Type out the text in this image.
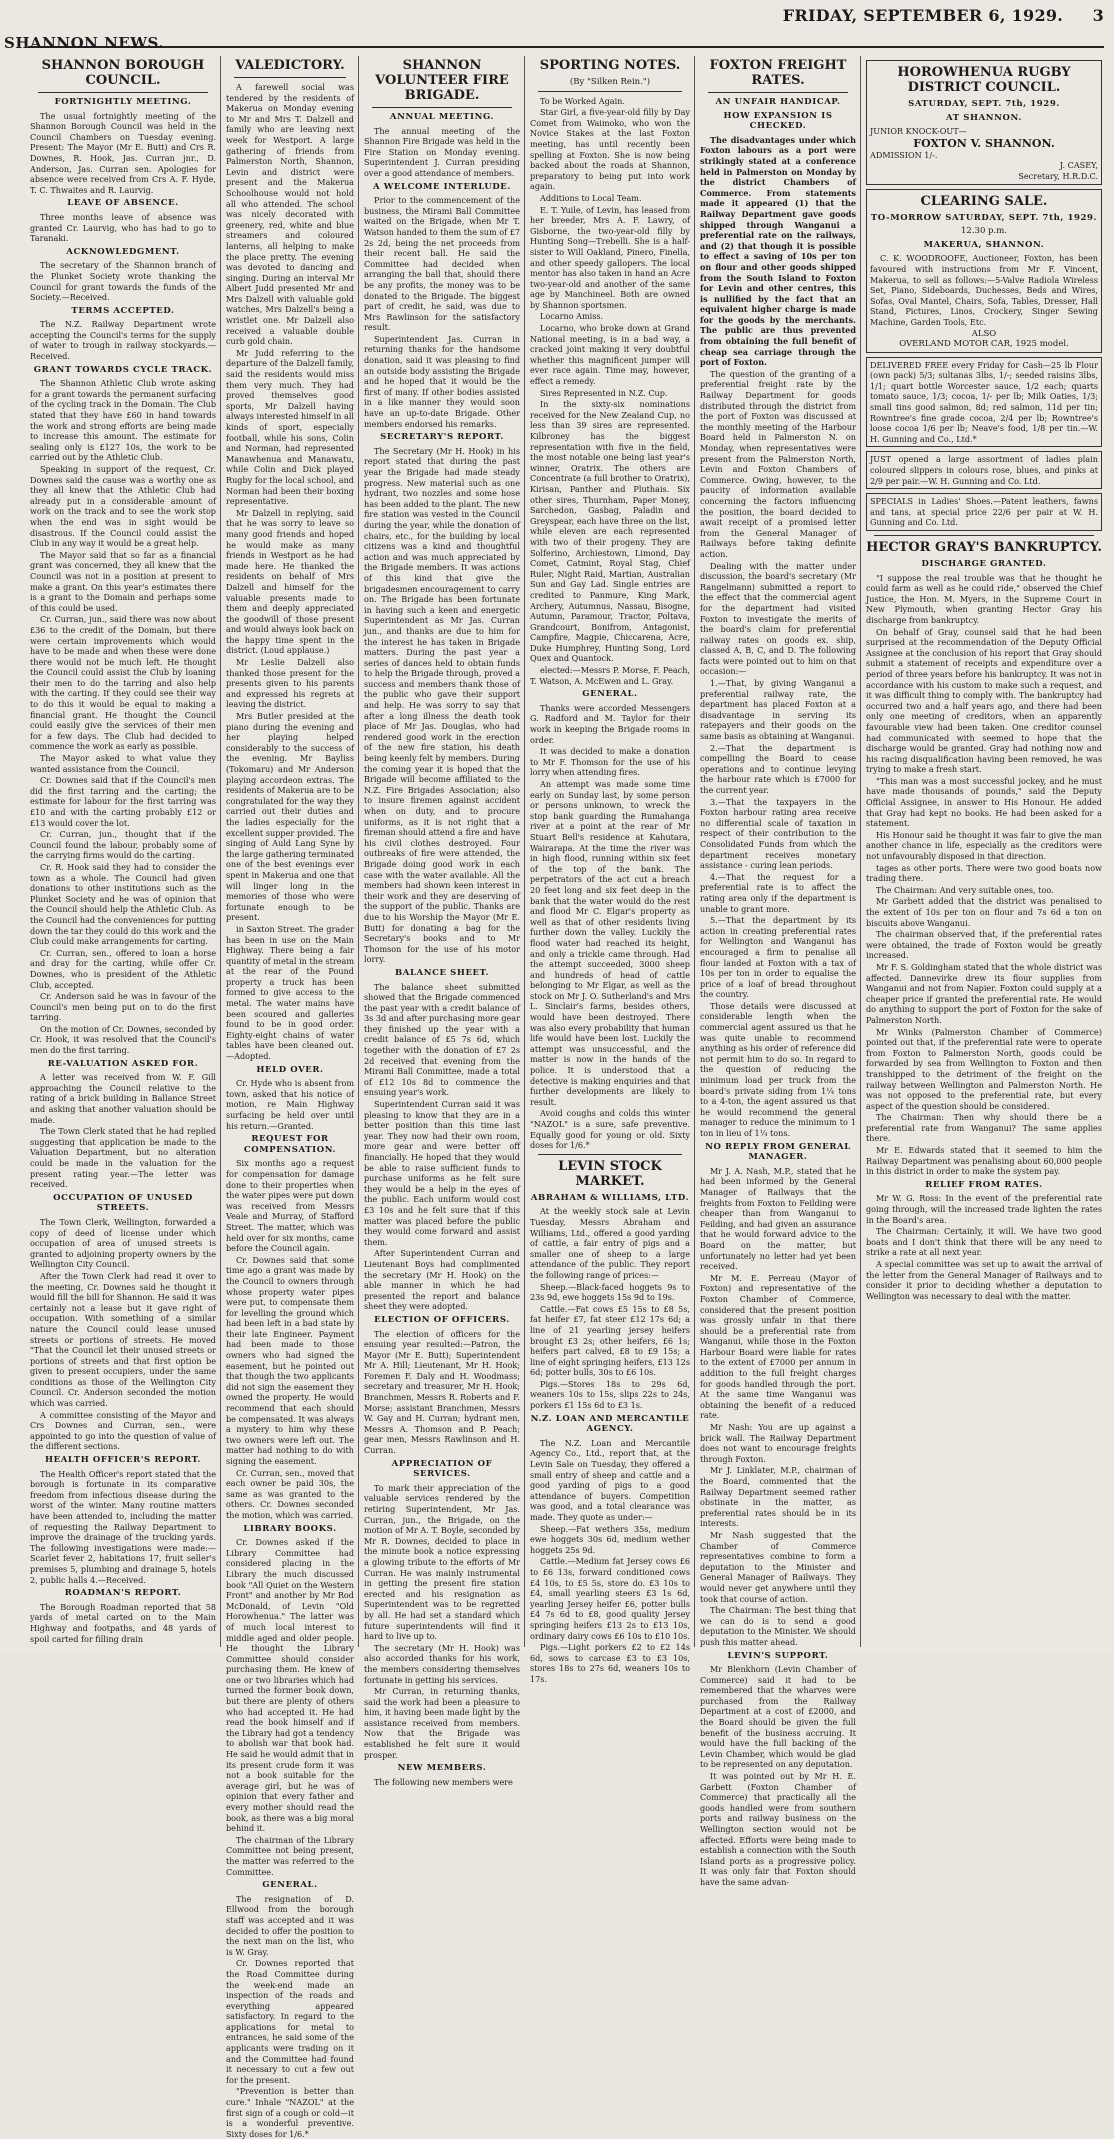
SHANNON NEWS.
FRIDAY, SEPTEMBER 6, 1929. 3
SHANNON BOROUGH COUNCIL.
FORTNIGHTLY MEETING.
The usual fortnightly meeting of the Shannon Borough Council was held in the Council Chambers on Tuesday evening. Present: The Mayor (Mr E. Butt) and Crs R. Downes, R. Hook, Jas. Curran jnr., D. Anderson, Jas. Curran sen. Apologies for absence were received from Crs A. F. Hyde, T. C. Thwaites and R. Laurvig.
LEAVE OF ABSENCE.
Three months leave of absence was granted Cr. Laurvig, who has had to go to Taranaki.
ACKNOWLEDGMENT.
The secretary of the Shannon branch of the Plunket Society wrote thanking the Council for grant towards the funds of the Society.—Received.
TERMS ACCEPTED.
The N.Z. Railway Department wrote accepting the Council's terms for the supply of water to trough in railway stockyards.—Received.
GRANT TOWARDS CYCLE TRACK.
The Shannon Athletic Club wrote asking for a grant towards the permanent surfacing of the cycling track in the Domain. The Club stated that they have £60 in hand towards the work and strong efforts are being made to increase this amount. The estimate for sealing only is £127 10s, the work to be carried out by the Athletic Club.
Speaking in support of the request, Cr. Downes said the cause was a worthy one as they all knew that the Athletic Club had already put in a considerable amount of work on the track and to see the work stop when the end was in sight would be disastrous. If the Council could assist the Club in any way it would be a great help.
The Mayor said that so far as a financial grant was concerned, they all knew that the Council was not in a position at present to make a grant. On this year's estimates there is a grant to the Domain and perhaps some of this could be used.
Cr. Curran, jun., said there was now about £36 to the credit of the Domain, but there were certain improvements which would have to be made and when these were done there would not be much left. He thought the Council could assist the Club by loaning their men to do the tarring and also help with the carting. If they could see their way to do this it would be equal to making a financial grant. He thought the Council could easily give the services of their men for a few days. The Club had decided to commence the work as early as possible.
The Mayor asked to what value they wanted assistance from the Council.
Cr. Downes said that if the Council's men did the first tarring and the carting; the estimate for labour for the first tarring was £10 and with the carting probably £12 or £13 would cover the lot.
Cr. Curran, jun., thought that if the Council found the labour, probably some of the carrying firms would do the carting.
Cr. R. Hook said they had to consider the town as a whole. The Council had given donations to other institutions such as the Plunket Society and he was of opinion that the Council should help the Athletic Club. As the Council had the conveniences for putting down the tar they could do this work and the Club could make arrangements for carting.
Cr. Curran, sen., offered to loan a horse and dray for the carting, while offer Cr. Downes, who is president of the Athletic Club, accepted.
Cr. Anderson said he was in favour of the Council's men being put on to do the first tarring.
On the motion of Cr. Downes, seconded by Cr. Hook, it was resolved that the Council's men do the first tarring.
RE-VALUATION ASKED FOR.
A letter was received from W. F. Gill approaching the Council relative to the rating of a brick building in Ballance Street and asking that another valuation should be made.
The Town Clerk stated that he had replied suggesting that application be made to the Valuation Department, but no alteration could be made in the valuation for the present rating year.—The letter was received.
OCCUPATION OF UNUSED STREETS.
The Town Clerk, Wellington, forwarded a copy of deed of license under which occupation of area of unused streets is granted to adjoining property owners by the Wellington City Council.
After the Town Clerk had read it over to the meeting, Cr. Downes said he thought it would fill the bill for Shannon. He said it was certainly not a lease but it gave right of occupation. With something of a similar nature the Council could lease unused streets or portions of streets. He moved "That the Council let their unused streets or portions of streets and that first option be given to present occupiers, under the same conditions as those of the Wellington City Council. Cr. Anderson seconded the motion which was carried.
A committee consisting of the Mayor and Crs Downes and Curran, sen., were appointed to go into the question of value of the different sections.
HEALTH OFFICER'S REPORT.
The Health Officer's report stated that the borough is fortunate in its comparative freedom from infectious disease during the worst of the winter. Many routine matters have been attended to, including the matter of requesting the Railway Department to improve the drainage of the trucking yards. The following investigations were made:—Scarlet fever 2, habitations 17, fruit seller's premises 5, plumbing and drainage 5, hotels 2, public halls 4.—Received.
ROADMAN'S REPORT.
The Borough Roadman reported that 58 yards of metal carted on to the Main Highway and footpaths, and 48 yards of spoil carted for filling drain
VALEDICTORY.
A farewell social was tendered by the residents of Makerua on Monday evening to Mr and Mrs T. Dalzell and family who are leaving next week for Westport. A large gathering of friends from Palmerston North, Shannon, Levin and district were present and the Makerua Schoolhouse would not hold all who attended. The school was nicely decorated with greenery, red, white and blue streamers and coloured lanterns, all helping to make the place pretty. The evening was devoted to dancing and singing. During an interval Mr Albert Judd presented Mr and Mrs Dalzell with valuable gold watches, Mrs Dalzell's being a wristlet one. Mr Dalzell also received a valuable double curb gold chain.
Mr Judd referring to the departure of the Dalzell family, said the residents would miss them very much. They had proved themselves good sports, Mr Dalzell having always interested himself in all kinds of sport, especially football, while his sons, Colin and Norman, had represented Manawhenua and Manawatu, while Colin and Dick played Rugby for the local school, and Norman had been their boxing representative.
Mr Dalzell in replying, said that he was sorry to leave so many good friends and hoped he would make as many friends in Westport as he had made here. He thanked the residents on behalf of Mrs Dalzell and himself for the valuable presents made to them and deeply appreciated the goodwill of those present and would always look back on the happy time spent in the district. (Loud applause.)
Mr Leslie Dalzell also thanked those present for the presents given to his parents and expressed his regrets at leaving the district.
Mrs Butler presided at the piano during the evening and her playing helped considerably to the success of the evening. Mr Bayliss (Tokomaru) and Mr Anderson playing accordeon extras. The residents of Makerua are to be congratulated for the way they carried out their duties and the ladies especially for the excellent supper provided. The singing of Auld Lang Syne by the large gathering terminated one of the best evenings ever spent in Makerua and one that will linger long in the memories of those who were fortunate enough to be present.
in Saxton Street. The grader has been in use on the Main Highway. There being a fair quantity of metal in the stream at the rear of the Pound property a truck has been formed to give access to the metal. The water mains have been scoured and galleries found to be in good order. Eighty-eight chains of water tables have been cleaned out.—Adopted.
HELD OVER.
Cr. Hyde who is absent from town, asked that his notice of motion, re Main Highway surfacing be held over until his return.—Granted.
REQUEST FOR COMPENSATION.
Six months ago a request for compensation for damage done to their properties when the water pipes were put down was received from Messrs Veale and Murray, of Stafford Street. The matter, which was held over for six months, came before the Council again.
Cr. Downes said that some time ago a grant was made by the Council to owners through whose property water pipes were put, to compensate them for levelling the ground which had been left in a bad state by their late Engineer. Payment had been made to those owners who had signed the easement, but he pointed out that though the two applicants did not sign the easement they owned the property. He would recommend that each should be compensated. It was always a mystery to him why these two owners were left out. The matter had nothing to do with signing the easement.
Cr. Curran, sen., moved that each owner be paid 30s, the same as was granted to the others. Cr. Downes seconded the motion, which was carried.
LIBRARY BOOKS.
Cr. Downes asked if the Library Committee had considered placing in the Library the much discussed book "All Quiet on the Western Front" and another by Mr Rod McDonald, of Levin "Old Horowhenua." The latter was of much local interest to middle aged and older people. He thought the Library Committee should consider purchasing them. He knew of one or two libraries which had turned the former book down, but there are plenty of others who had accepted it. He had read the book himself and if the Library had got a tendency to abolish war that book had. He said he would admit that in its present crude form it was not a book suitable for the average girl, but he was of opinion that every father and every mother should read the book, as there was a big moral behind it.
The chairman of the Library Committee not being present, the matter was referred to the Committee.
GENERAL.
The resignation of D. Ellwood from the borough staff was accepted and it was decided to offer the position to the next man on the list, who is W. Gray.
Cr. Downes reported that the Road Committee during the week-end made an inspection of the roads and everything appeared satisfactory. In regard to the applications for metal to entrances, he said some of the applicants were trading on it and the Committee had found it necessary to cut a few out for the present.
"Prevention is better than cure." Inhale "NAZOL" at the first sign of a cough or cold—it is a wonderful preventive. Sixty doses for 1/6.*
SHANNON VOLUNTEER FIRE BRIGADE.
ANNUAL MEETING.
The annual meeting of the Shannon Fire Brigade was held in the Fire Station on Monday evening. Superintendent J. Curran presiding over a good attendance of members.
A WELCOME INTERLUDE.
Prior to the commencement of the business, the Mirami Ball Committee waited on the Brigade, when Mr T. Watson handed to them the sum of £7 2s 2d, being the net proceeds from their recent ball. He said the Committee had decided when arranging the ball that, should there be any profits, the money was to be donated to the Brigade. The biggest part of credit, he said, was due to Mrs Rawlinson for the satisfactory result.
Superintendent Jas. Curran in returning thanks for the handsome donation, said it was pleasing to find an outside body assisting the Brigade and he hoped that it would be the first of many. If other bodies assisted in a like manner they would soon have an up-to-date Brigade. Other members endorsed his remarks.
SECRETARY'S REPORT.
The Secretary (Mr H. Hook) in his report stated that during the past year the Brigade had made steady progress. New material such as one hydrant, two nozzles and some hose has been added to the plant. The new fire station was vested in the Council during the year, while the donation of chairs, etc., for the building by local citizens was a kind and thoughtful action and was much appreciated by the Brigade members. It was actions of this kind that give the brigadesmen encouragement to carry on. The Brigade has been fortunate in having such a keen and energetic Superintendent as Mr Jas. Curran jun., and thanks are due to him for the interest he has taken in Brigade matters. During the past year a series of dances held to obtain funds to help the Brigade through, proved a success and members thank those of the public who gave their support and help. He was sorry to say that after a long illness the death took place of Mr Jas. Douglas, who had rendered good work in the erection of the new fire station, his death being keenly felt by members. During the coming year it is hoped that the Brigade will become affiliated to the N.Z. Fire Brigades Association; also to insure firemen against accident when on duty, and to procure uniforms, as it is not right that a fireman should attend a fire and have his civil clothes destroyed. Four outbreaks of fire were attended, the Brigade doing good work in each case with the water available. All the members had shown keen interest in their work and they are deserving of the support of the public. Thanks are due to his Worship the Mayor (Mr E. Butt) for donating a bag for the Secretary's books and to Mr Thomson for the use of his motor lorry.
BALANCE SHEET.
The balance sheet submitted showed that the Brigade commenced the past year with a credit balance of 3s 3d and after purchasing more gear they finished up the year with a credit balance of £5 7s 6d, which together with the donation of £7 2s 2d received that evening from the Mirami Ball Committee, made a total of £12 10s 8d to commence the ensuing year's work.
Superintendent Curran said it was pleasing to know that they are in a better position than this time last year. They now had their own room, more gear and were better off financially. He hoped that they would be able to raise sufficient funds to purchase uniforms as he felt sure they would be a help in the eyes of the public. Each uniform would cost £3 10s and he felt sure that if this matter was placed before the public they would come forward and assist them.
After Superintendent Curran and Lieutenant Boys had complimented the secretary (Mr H. Hook) on the able manner in which he had presented the report and balance sheet they were adopted.
ELECTION OF OFFICERS.
The election of officers for the ensuing year resulted:—Patron, the Mayor (Mr E. Butt); Superintendent Mr A. Hill; Lieutenant, Mr H. Hook; Foremen F. Daly and H. Woodmass; secretary and treasurer, Mr H. Hook; Branchmen, Messrs R. Roberts and F. Morse; assistant Branchmen, Messrs W. Gay and H. Curran; hydrant men, Messrs A. Thomson and P. Peach; gear men, Messrs Rawlinson and H. Curran.
APPRECIATION OF SERVICES.
To mark their appreciation of the valuable services rendered by the retiring Superintendent, Mr Jas. Curran, jun., the Brigade, on the motion of Mr A. T. Boyle, seconded by Mr R. Downes, decided to place in the minute book a notice expressing a glowing tribute to the efforts of Mr Curran. He was mainly instrumental in getting the present fire station erected and his resignation as Superintendent was to be regretted by all. He had set a standard which future superintendents will find it hard to live up to.
The secretary (Mr H. Hook) was also accorded thanks for his work, the members considering themselves fortunate in getting his services.
Mr Curran, in returning thanks, said the work had been a pleasure to him, it having been made light by the assistance received from members. Now that the Brigade was established he felt sure it would prosper.
NEW MEMBERS.
The following new members were
SPORTING NOTES.
(By "Silken Rein.")
To be Worked Again.
Star Girl, a five-year-old filly by Day Comet from Waimoko, who won the Novice Stakes at the last Foxton meeting, has until recently been spelling at Foxton. She is now being backed about the roads at Shannon, preparatory to being put into work again.
Additions to Local Team.
E. T. Yuile, of Levin, has leased from her breeder, Mrs A. F. Lawry, of Gisborne, the two-year-old filly by Hunting Song—Trebelli. She is a half-sister to Will Oakland, Pinero, Finella, and other speedy gallopers. The local mentor has also taken in hand an Acre two-year-old and another of the same age by Manchineel. Both are owned by Shannon sportsmen.
Locarno Amiss.
Locarno, who broke down at Grand National meeting, is in a bad way, a cracked joint making it very doubtful whether this magnificent jumper will ever race again. Time may, however, effect a remedy.
Sires Represented in N.Z. Cup.
In the sixty-six nominations received for the New Zealand Cup, no less than 39 sires are represented. Kilbroney has the biggest representation with five in the field, the most notable one being last year's winner, Oratrix. The others are Concentrate (a full brother to Oratrix), Kirisan, Panther and Pluthais. Six other sires, Thurnham, Paper Money, Sarchedon, Gasbag, Paladin and Greyspear, each have three on the list, while eleven are each represented with two of their progeny. They are Solferino, Archiestown, Limond, Day Comet, Catmint, Royal Stag, Chief Ruler, Night Raid, Martian, Australian Sun and Gay Lad. Single entries are credited to Panmure, King Mark, Archery, Autumnus, Nassau, Bisogne, Autumn, Paramour, Tractor, Poltava, Grandcourt, Bonifrom, Antagonist, Campfire, Magpie, Chiccarena, Acre, Duke Humphrey, Hunting Song, Lord Quex and Quantock.
elected:—Messrs P. Morse, F. Peach, T. Watson, A. McEwen and L. Gray.
GENERAL.
Thanks were accorded Messengers G. Radford and M. Taylor for their work in keeping the Brigade rooms in order.
It was decided to make a donation to Mr F. Thomson for the use of his lorry when attending fires.
An attempt was made some time early on Sunday last, by some person or persons unknown, to wreck the stop bank guarding the Rumahanga river at a point at the rear of Mr Stuart Bell's residence at Kahutara, Wairarapa. At the time the river was in high flood, running within six feet of the top of the bank. The perpetrators of the act cut a breach 20 feet long and six feet deep in the bank that the water would do the rest and flood Mr C. Elgar's property as well as that of other residents living further down the valley. Luckily the flood water had reached its height, and only a trickle came through. Had the attempt succeeded, 3000 sheep and hundreds of head of cattle belonging to Mr Elgar, as well as the stock on Mr J. O. Sutherland's and Mrs L. Sinclair's farms, besides others, would have been destroyed. There was also every probability that human life would have been lost. Luckily the attempt was unsuccessful, and the matter is now in the hands of the police. It is understood that a detective is making enquiries and that further developments are likely to result.
Avoid coughs and colds this winter "NAZOL" is a sure, safe preventive. Equally good for young or old. Sixty doses for 1/6.*
LEVIN STOCK MARKET.
ABRAHAM & WILLIAMS, LTD.
At the weekly stock sale at Levin Tuesday, Messrs Abraham and Williams, Ltd., offered a good yarding of cattle, a fair entry of pigs and a smaller one of sheep to a large attendance of the public. They report the following range of prices:—
Sheep.—Black-faced hoggets 9s to 23s 9d, ewe hoggets 15s 9d to 19s.
Cattle.—Fat cows £5 15s to £8 5s, fat heifer £7, fat steer £12 17s 6d; a line of 21 yearling jersey heifers brought £3 2s; other heifers, £6 1s; heifers part calved, £8 to £9 15s; a line of eight springing heifers, £13 12s 6d; potter bulls, 30s to £6 10s.
Pigs.—Stores 18s to 29s 6d, weaners 10s to 15s, slips 22s to 24s, porkers £1 15s 6d to £3 1s.
N.Z. LOAN AND MERCANTILE AGENCY.
The N.Z. Loan and Mercantile Agency Co., Ltd., report that, at the Levin Sale on Tuesday, they offered a small entry of sheep and cattle and a good yarding of pigs to a good attendance of buyers. Competition was good, and a total clearance was made. They quote as under:—
Sheep.—Fat wethers 35s, medium ewe hoggets 30s 6d, medium wether hoggets 25s 9d.
Cattle.—Medium fat Jersey cows £6 to £6 13s, forward conditioned cows £4 10s, to £5 5s, store do. £3 10s to £4, small yearling steers £3 1s 6d, yearling Jersey heifer £6, potter bulls £4 7s 6d to £8, good quality Jersey springing heifers £13 2s to £13 10s, ordinary dairy cows £6 10s to £10 10s.
Pigs.—Light porkers £2 to £2 14s 6d, sows to carcase £3 to £3 10s, stores 18s to 27s 6d, weaners 10s to 17s.
FOXTON FREIGHT RATES.
AN UNFAIR HANDICAP.
HOW EXPANSION IS CHECKED.
The disadvantages under which Foxton labours as a port were strikingly stated at a conference held in Palmerston on Monday by the district Chambers of Commerce. From statements made it appeared (1) that the Railway Department gave goods shipped through Wanganui a preferential rate on the railways, and (2) that though it is possible to effect a saving of 10s per ton on flour and other goods shipped from the South Island to Foxton for Levin and other centres, this is nullified by the fact that an equivalent higher charge is made for the goods by the merchants. The public are thus prevented from obtaining the full benefit of cheap sea carriage through the port of Foxton.
The question of the granting of a preferential freight rate by the Railway Department for goods distributed through the district from the port of Foxton was discussed at the monthly meeting of the Harbour Board held in Palmerston N. on Monday, when representatives were present from the Palmerston North, Levin and Foxton Chambers of Commerce. Owing, however, to the paucity of information available concerning the factors influencing the position, the board decided to await receipt of a promised letter from the General Manager of Railways before taking definite action.
Dealing with the matter under discussion, the board's secretary (Mr Rangelmann) submitted a report to the effect that the commercial agent for the department had visited Foxton to investigate the merits of the board's claim for preferential railway rates on goods ex. ship, classed A, B, C, and D. The following facts were pointed out to him on that occasion:—
1.—That, by giving Wanganui a preferential railway rate, the department has placed Foxton at a disadvantage in serving its ratepayers and their goods on the same basis as obtaining at Wanganui.
2.—That the department is compelling the Board to cease operations and to continue levying the harbour rate which is £7000 for the current year.
3.—That the taxpayers in the Foxton harbour rating area receive no differential scale of taxation in respect of their contribution to the Consolidated Funds from which the department receives monetary assistance - curing lean periods.
4.—That the request for a preferential rate is to affect the rating area only if the department is unable to grant more.
5.—That the department by its action in creating preferential rates for Wellington and Wanganui has encouraged a firm to penalise all flour landed at Foxton with a tax of 10s per ton in order to equalise the price of a loaf of bread throughout the country.
Those details were discussed at considerable length when the commercial agent assured us that he was quite unable to recommend anything as his order of reference did not permit him to do so. In regard to the question of reducing the minimum load per truck from the board's private siding from 1¼ tons to a 4-ton, the agent assured us that he would recommend the general manager to reduce the minimum to 1 ton in lieu of 1¼ tons.
NO REPLY FROM GENERAL MANAGER.
Mr J. A. Nash, M.P., stated that he had been informed by the General Manager of Railways that the freights from Foxton to Feilding were cheaper than from Wanganui to Feilding, and had given an assurance that he would forward advice to the Board on the matter, but unfortunately no letter had yet been received.
Mr M. E. Perreau (Mayor of Foxton) and representative of the Foxton Chamber of Commerce, considered that the present position was grossly unfair in that there should be a preferential rate from Wanganui, while those in the Foxton Harbour Board were liable for rates to the extent of £7000 per annum in addition to the full freight charges for goods handled through the port. At the same time Wanganui was obtaining the benefit of a reduced rate.
Mr Nash: You are up against a brick wall. The Railway Department does not want to encourage freights through Foxton.
Mr J. Linklater, M.P., chairman of the Board, commented that the Railway Department seemed rather obstinate in the matter, as preferential rates should be in its interests.
Mr Nash suggested that the Chamber of Commerce representatives combine to form a deputation to the Minister and General Manager of Railways. They would never get anywhere until they took that course of action.
The Chairman: The best thing that we can do is to send a good deputation to the Minister. We should push this matter ahead.
LEVIN'S SUPPORT.
Mr Blenkhorn (Levin Chamber of Commerce) said it had to be remembered that the wharves were purchased from the Railway Department at a cost of £2000, and the Board should be given the full benefit of the business accruing. It would have the full backing of the Levin Chamber, which would be glad to be represented on any deputation.
It was pointed out by Mr H. E. Garbett (Foxton Chamber of Commerce) that practically all the goods handled were from southern ports and railway business on the Wellington section would not be affected. Efforts were being made to establish a connection with the South Island ports as a progressive policy. It was only fair that Foxton should have the same advan-
HOROWHENUA RUGBY DISTRICT COUNCIL.
SATURDAY, SEPT. 7th, 1929.
AT SHANNON.
JUNIOR KNOCK-OUT—
FOXTON V. SHANNON.
ADMISSION 1/-.
J. CASEY,
Secretary, H.R.D.C.
CLEARING SALE.
TO-MORROW SATURDAY, SEPT. 7th, 1929.
12.30 p.m.
MAKERUA, SHANNON.
C. K. WOODROOFE, Auctioneer, Foxton, has been favoured with instructions from Mr F. Vincent, Makerua, to sell as follows:—5-Valve Radiola Wireless Set, Piano, Sideboards, Duchesses, Beds and Wires, Sofas, Oval Mantel, Chairs, Sofa, Tables, Dresser, Hall Stand, Pictures, Linos, Crockery, Singer Sewing Machine, Garden Tools, Etc.
ALSO
OVERLAND MOTOR CAR, 1925 model.
DELIVERED FREE every Friday for Cash—25 lb Flour (own pack) 5/3; sultanas 3lbs, 1/-; seeded raisins 3lbs, 1/1; quart bottle Worcester sauce, 1/2 each; quarts tomato sauce, 1/3; cocoa, 1/- per lb; Milk Oaties, 1/3; small tins good salmon, 8d; red salmon, 11d per tin; Rowntree's fine grade cocoa, 2/4 per lb; Rowntree's loose cocoa 1/6 per lb; Neave's food, 1/8 per tin.—W. H. Gunning and Co., Ltd.*
JUST opened a large assortment of ladies plain coloured slippers in colours rose, blues, and pinks at 2/9 per pair.—W. H. Gunning and Co. Ltd.
SPECIALS in Ladies' Shoes.—Patent leathers, fawns and tans, at special price 22/6 per pair at W. H. Gunning and Co. Ltd.
HECTOR GRAY'S BANKRUPTCY.
DISCHARGE GRANTED.
"I suppose the real trouble was that he thought he could farm as well as he could ride," observed the Chief Justice, the Hon. M. Myers, in the Supreme Court in New Plymouth, when granting Hector Gray his discharge from bankruptcy.
On behalf of Gray, counsel said that he had been surprised at the recommendation of the Deputy Official Assignee at the conclusion of his report that Gray should submit a statement of receipts and expenditure over a period of three years before his bankruptcy. It was not in accordance with his custom to make such a request, and it was difficult thing to comply with. The bankruptcy had occurred two and a half years ago, and there had been only one meeting of creditors, when an apparently favourable view had been taken. One creditor counsel had communicated with seemed to hope that the discharge would be granted. Gray had nothing now and his racing disqualification having been removed, he was trying to make a fresh start.
"This man was a most successful jockey, and he must have made thousands of pounds," said the Deputy Official Assignee, in answer to His Honour. He added that Gray had kept no books. He had been asked for a statement.
His Honour said he thought it was fair to give the man another chance in life, especially as the creditors were not unfavourably disposed in that direction.
tages as other ports. There were two good boats now trading there.
The Chairman: And very suitable ones, too.
Mr Garbett added that the district was penalised to the extent of 10s per ton on flour and 7s 6d a ton on biscuits above Wanganui.
The chairman observed that, if the preferential rates were obtained, the trade of Foxton would be greatly increased.
Mr F. S. Goldingham stated that the whole district was affected. Dannevirke drew its flour supplies from Wanganui and not from Napier. Foxton could supply at a cheaper price if granted the preferential rate. He would do anything to support the port of Foxton for the sake of Palmerston North.
Mr Winks (Palmerston Chamber of Commerce) pointed out that, if the preferential rate were to operate from Foxton to Palmerston North, goods could be forwarded by sea from Wellington to Foxton and then transhipped to the detriment of the freight on the railway between Wellington and Palmerston North. He was not opposed to the preferential rate, but every aspect of the question should be considered.
The Chairman: Then why should there be a preferential rate from Wanganui? The same applies there.
Mr E. Edwards stated that it seemed to him the Railway Department was penalising about 60,000 people in this district in order to make the system pay.
RELIEF FROM RATES.
Mr W. G. Ross: In the event of the preferential rate going through, will the increased trade lighten the rates in the Board's area.
The Chairman: Certainly, it will. We have two good boats and I don't think that there will be any need to strike a rate at all next year.
A special committee was set up to await the arrival of the letter from the General Manager of Railways and to consider it prior to deciding whether a deputation to Wellington was necessary to deal with the matter.
